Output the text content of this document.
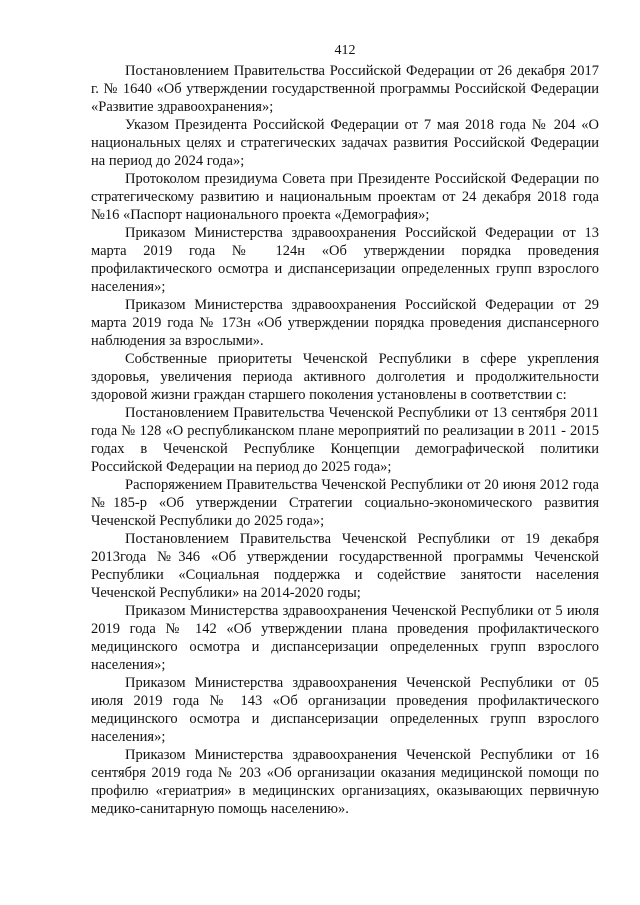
412

Постановлением Правительства Российской Федерации от 26 декабря 2017 г. № 1640 «Об утверждении государственной программы Российской Федерации «Развитие здравоохранения»;

Указом Президента Российской Федерации от 7 мая 2018 года № 204 «О национальных целях и стратегических задачах развития Российской Федерации на период до 2024 года»;

Протоколом президиума Совета при Президенте Российской Федерации по стратегическому развитию и национальным проектам от 24 декабря 2018 года №16 «Паспорт национального проекта «Демография»;

Приказом Министерства здравоохранения Российской Федерации от 13 марта 2019 года № 124н «Об утверждении порядка проведения профилактического осмотра и диспансеризации определенных групп взрослого населения»;

Приказом Министерства здравоохранения Российской Федерации от 29 марта 2019 года № 173н «Об утверждении порядка проведения диспансерного наблюдения за взрослыми».

Собственные приоритеты Чеченской Республики в сфере укрепления здоровья, увеличения периода активного долголетия и продолжительности здоровой жизни граждан старшего поколения установлены в соответствии с:

Постановлением Правительства Чеченской Республики от 13 сентября 2011 года № 128 «О республиканском плане мероприятий по реализации в 2011 - 2015 годах в Чеченской Республике Концепции демографической политики Российской Федерации на период до 2025 года»;

Распоряжением Правительства Чеченской Республики от 20 июня 2012 года №185-р «Об утверждении Стратегии социально-экономического развития Чеченской Республики до 2025 года»;

Постановлением Правительства Чеченской Республики от 19 декабря 2013года №346 «Об утверждении государственной программы Чеченской Республики «Социальная поддержка и содействие занятости населения Чеченской Республики» на 2014-2020 годы;

Приказом Министерства здравоохранения Чеченской Республики от 5 июля 2019 года № 142 «Об утверждении плана проведения профилактического медицинского осмотра и диспансеризации определенных групп взрослого населения»;

Приказом Министерства здравоохранения Чеченской Республики от 05 июля 2019 года № 143 «Об организации проведения профилактического медицинского осмотра и диспансеризации определенных групп взрослого населения»;

Приказом Министерства здравоохранения Чеченской Республики от 16 сентября 2019 года № 203 «Об организации оказания медицинской помощи по профилю «гериатрия» в медицинских организациях, оказывающих первичную медико-санитарную помощь населению».
